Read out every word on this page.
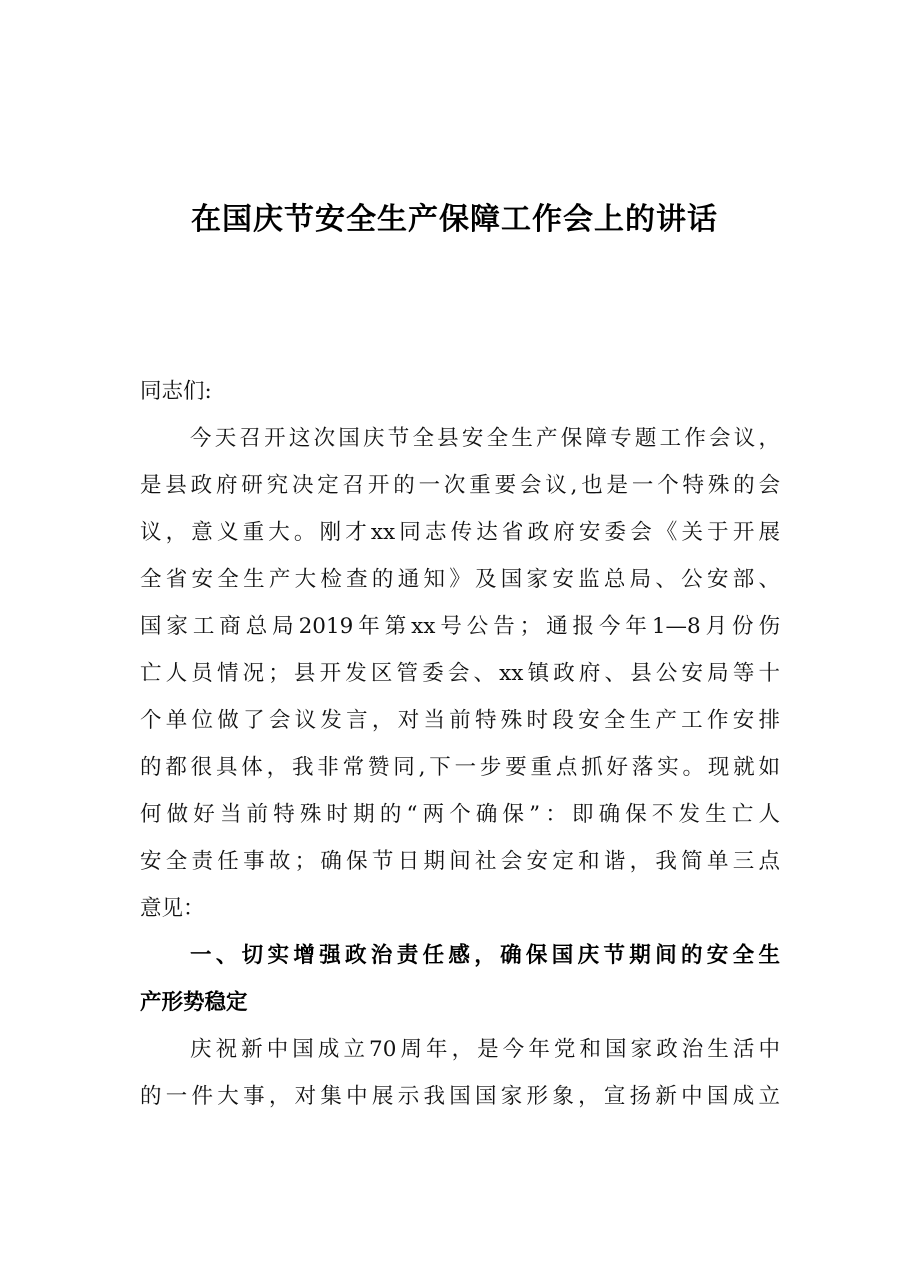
在国庆节安全生产保障工作会上的讲话

同志们:

今天召开这次国庆节全县安全生产保障专题工作会议，

是县政府研究决定召开的一次重要会议,也是一个特殊的会

议，意义重大。刚才xx同志传达省政府安委会《关于开展

全省安全生产大检查的通知》及国家安监总局、公安部、

国家工商总局2019年第xx号公告；通报今年1—8月份伤

亡人员情况；县开发区管委会、xx镇政府、县公安局等十

个单位做了会议发言，对当前特殊时段安全生产工作安排

的都很具体，我非常赞同,下一步要重点抓好落实。现就如

何做好当前特殊时期的“两个确保”：即确保不发生亡人

安全责任事故；确保节日期间社会安定和谐，我简单三点

意见：

一、切实增强政治责任感，确保国庆节期间的安全生

产形势稳定

庆祝新中国成立70周年，是今年党和国家政治生活中

的一件大事，对集中展示我国国家形象，宣扬新中国成立
